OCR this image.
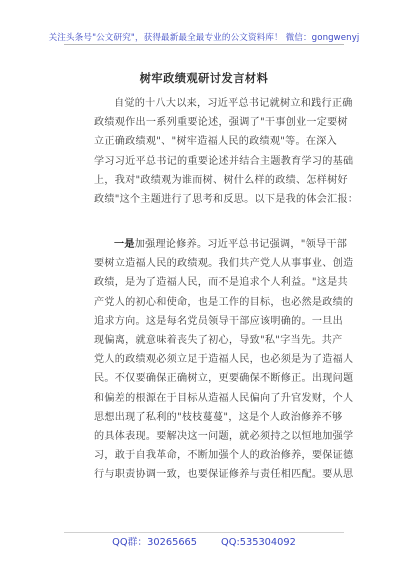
关注头条号"公文研究"，获得最新最全最专业的公文资料库！ 微信：gongwenyj
树牢政绩观研讨发言材料

自觉的十八大以来，习近平总书记就树立和践行正确
政绩观作出一系列重要论述，强调了"干事创业一定要树
立正确政绩观"、"树牢造福人民的政绩观"等。在深入
学习习近平总书记的重要论述并结合主题教育学习的基础
上，我对"政绩观为谁而树、树什么样的政绩、怎样树好
政绩"这个主题进行了思考和反思。以下是我的体会汇报：

一是加强理论修养。习近平总书记强调，"领导干部
要树立造福人民的政绩观。我们共产党人从事事业、创造
政绩，是为了造福人民，而不是追求个人利益。"这是共
产党人的初心和使命，也是工作的目标，也必然是政绩的
追求方向。这是每名党员领导干部应该明确的。一旦出
现偏离，就意味着丧失了初心，导致"私"字当先。共产
党人的政绩观必须立足于造福人民，也必须是为了造福人
民。不仅要确保正确树立，更要确保不断修正。出现问题
和偏差的根源在于目标从造福人民偏向了升官发财，个人
思想出现了私利的"枝枝蔓蔓"，这是个人政治修养不够
的具体表现。要解决这一问题，就必须持之以恒地加强学
习，敢于自我革命，不断加强个人的政治修养，要保证德
行与职责协调一致，也要保证修养与责任相匹配。要从思

QQ群：30265665 QQ:535304092
